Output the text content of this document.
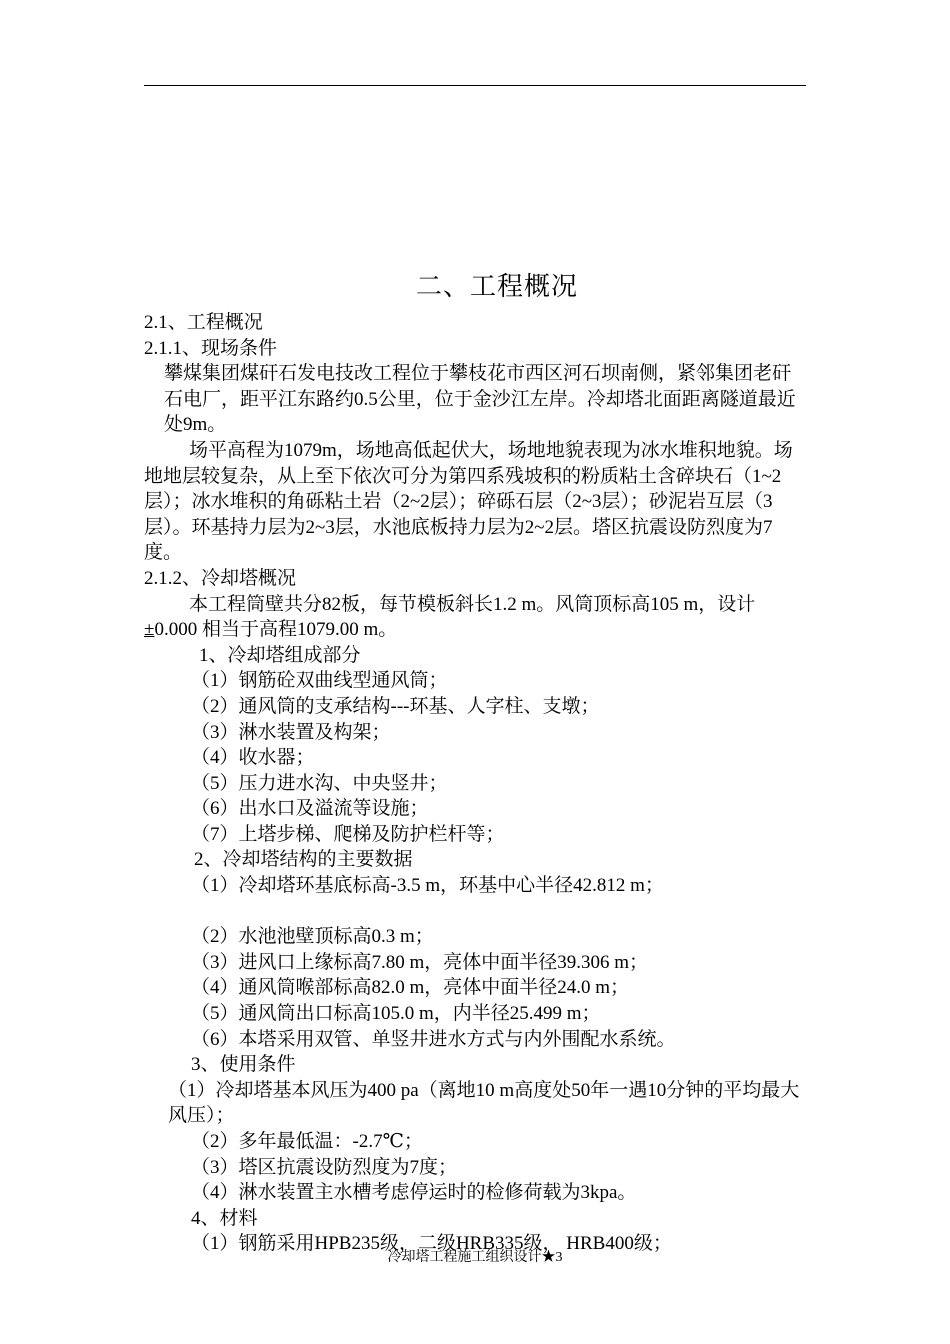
二、工程概况

2.1、工程概况

2.1.1、现场条件

攀煤集团煤矸石发电技改工程位于攀枝花市西区河石坝南侧，紧邻集团老矸石电厂，距平江东路约0.5公里，位于金沙江左岸。冷却塔北面距离隧道最近处9m。

场平高程为1079m，场地高低起伏大，场地地貌表现为冰水堆积地貌。场地地层较复杂，从上至下依次可分为第四系残坡积的粉质粘土含碎块石（1~2层）；冰水堆积的角砾粘土岩（2~2层）；碎砾石层（2~3层）；砂泥岩互层（3层）。环基持力层为2~3层，水池底板持力层为2~2层。塔区抗震设防烈度为7度。

2.1.2、冷却塔概况

本工程筒壁共分82板，每节模板斜长1.2 m。风筒顶标高105 m，设计±0.000 相当于高程1079.00 m。

1、冷却塔组成部分

（1）钢筋砼双曲线型通风筒；

（2）通风筒的支承结构---环基、人字柱、支墩；

（3）淋水装置及构架；

（4）收水器；

（5）压力进水沟、中央竖井；

（6）出水口及溢流等设施；

（7）上塔步梯、爬梯及防护栏杆等；

2、冷却塔结构的主要数据

（1）冷却塔环基底标高-3.5 m，环基中心半径42.812 m；

（2）水池池壁顶标高0.3 m；

（3）进风口上缘标高7.80 m，亮体中面半径39.306 m；

（4）通风筒喉部标高82.0 m，亮体中面半径24.0 m；

（5）通风筒出口标高105.0 m，内半径25.499 m；

（6）本塔采用双管、单竖井进水方式与内外围配水系统。

3、使用条件

（1）冷却塔基本风压为400 pa（离地10 m高度处50年一遇10分钟的平均最大风压）；

（2）多年最低温：-2.7℃；

（3）塔区抗震设防烈度为7度；

（4）淋水装置主水槽考虑停运时的检修荷载为3kpa。

4、材料

（1）钢筋采用HPB235级，二级HRB335级， HRB400级；

冷却塔工程施工组织设计★3
